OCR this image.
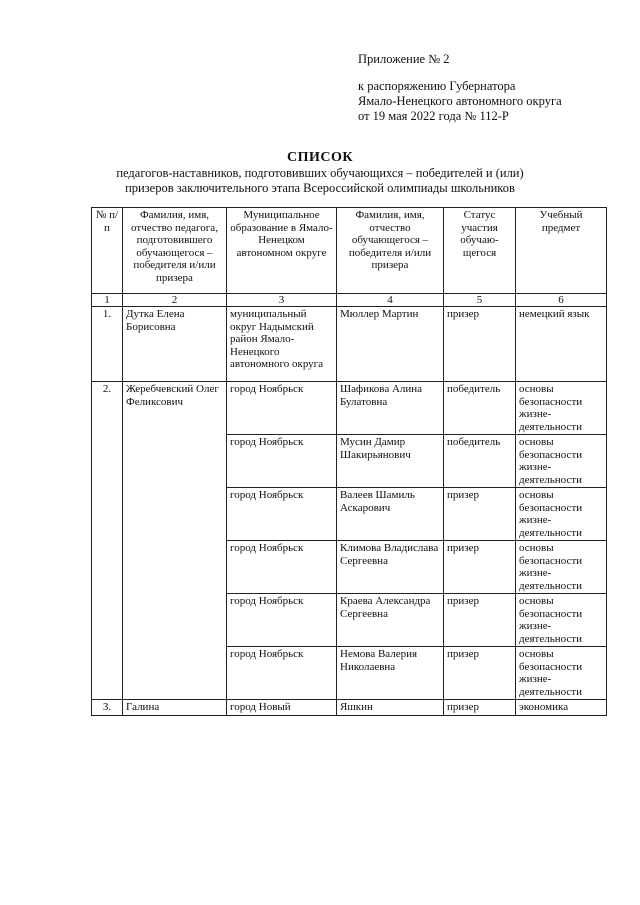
Приложение № 2
к распоряжению Губернатора
Ямало-Ненецкого автономного округа
от 19 мая 2022 года № 112-Р
СПИСОК
педагогов-наставников, подготовивших обучающихся – победителей и (или)
призеров заключительного этапа Всероссийской олимпиады школьников
№ п/п	Фамилия, имя, отчество педагога, подготовившего обучающегося – победителя и/или призера	Муниципальное образование в Ямало-Ненецком автономном округе	Фамилия, имя, отчество обучающегося – победителя и/или призера	Статус участия обучаю-щегося	Учебный предмет
1	2	3	4	5	6
1.	Дутка Елена Борисовна	муниципальный округ Надымский район Ямало-Ненецкого автономного округа	Мюллер Мартин	призер	немецкий язык
2.	Жеребчевский Олег Феликсович	город Ноябрьск	Шафикова Алина Булатовна	победитель	основы безопасности жизне-деятельности
		город Ноябрьск	Мусин Дамир Шакирьянович	победитель	основы безопасности жизне-деятельности
		город Ноябрьск	Валеев Шамиль Аскарович	призер	основы безопасности жизне-деятельности
		город Ноябрьск	Климова Владислава Сергеевна	призер	основы безопасности жизне-деятельности
		город Ноябрьск	Краева Александра Сергеевна	призер	основы безопасности жизне-деятельности
		город Ноябрьск	Немова Валерия Николаевна	призер	основы безопасности жизне-деятельности
3.	Галина	город Новый	Яшкин	призер	экономика
